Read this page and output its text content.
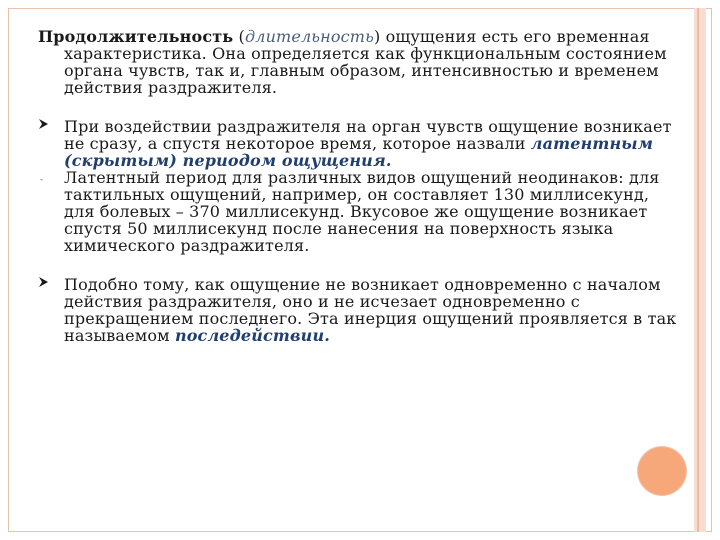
Продолжительность (длительность) ощущения есть его временная характеристика. Она определяется как функциональным состоянием органа чувств, так и, главным образом, интенсивностью и временем действия раздражителя.
При воздействии раздражителя на орган чувств ощущение возникает не сразу, а спустя некоторое время, которое назвали латентным (скрытым) периодом ощущения.
- Латентный период для различных видов ощущений неодинаков: для тактильных ощущений, например, он составляет 130 миллисекунд, для болевых – 370 миллисекунд. Вкусовое же ощущение возникает спустя 50 миллисекунд после нанесения на поверхность языка химического раздражителя.
Подобно тому, как ощущение не возникает одновременно с началом действия раздражителя, оно и не исчезает одновременно с прекращением последнего. Эта инерция ощущений проявляется в так называемом последействии.
